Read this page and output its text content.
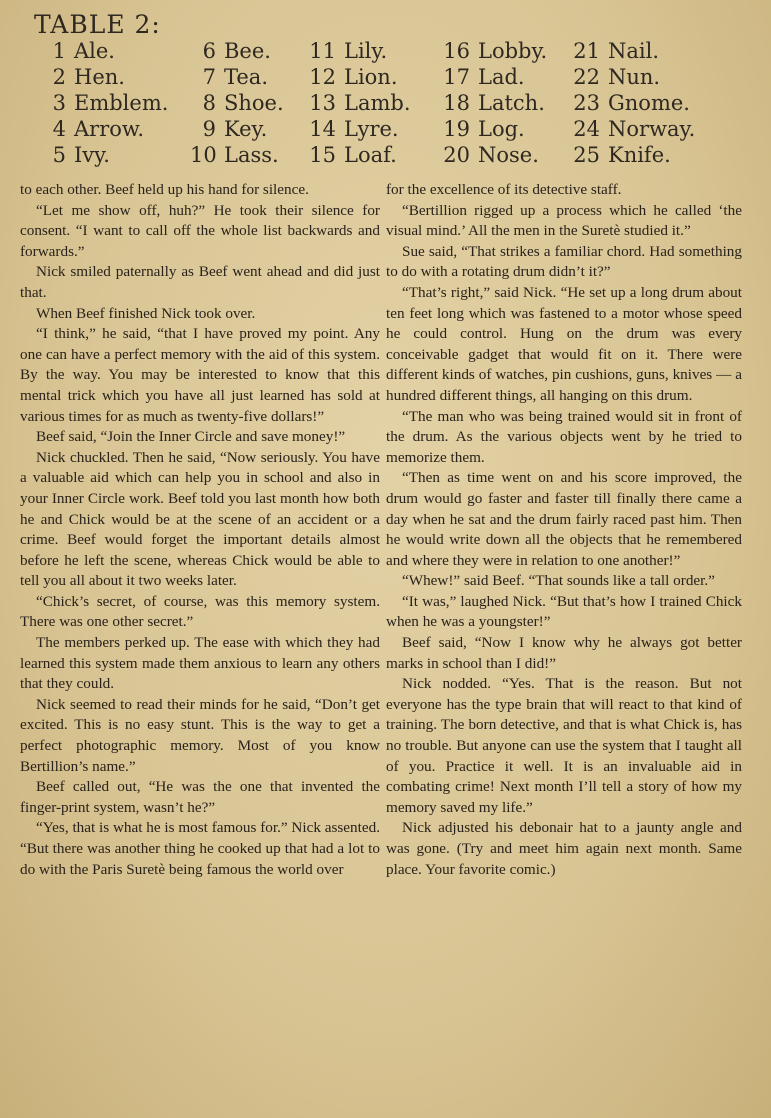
TABLE 2:
1 Ale.
2 Hen.
3 Emblem.
4 Arrow.
5 Ivy.
6 Bee.
7 Tea.
8 Shoe.
9 Key.
10 Lass.
11 Lily.
12 Lion.
13 Lamb.
14 Lyre.
15 Loaf.
16 Lobby.
17 Lad.
18 Latch.
19 Log.
20 Nose.
21 Nail.
22 Nun.
23 Gnome.
24 Norway.
25 Knife.

to each other. Beef held up his hand for silence.

“Let me show off, huh?” He took their silence for consent. “I want to call off the whole list backwards and forwards.”

Nick smiled paternally as Beef went ahead and did just that.

When Beef finished Nick took over.

“I think,” he said, “that I have proved my point. Any one can have a perfect memory with the aid of this system. By the way. You may be interested to know that this mental trick which you have all just learned has sold at various times for as much as twenty-five dollars!”

Beef said, “Join the Inner Circle and save money!”

Nick chuckled. Then he said, “Now seriously. You have a valuable aid which can help you in school and also in your Inner Circle work. Beef told you last month how both he and Chick would be at the scene of an accident or a crime. Beef would forget the important details almost before he left the scene, whereas Chick would be able to tell you all about it two weeks later.

“Chick’s secret, of course, was this memory system. There was one other secret.”

The members perked up. The ease with which they had learned this system made them anxious to learn any others that they could.

Nick seemed to read their minds for he said, “Don’t get excited. This is no easy stunt. This is the way to get a perfect photographic memory. Most of you know Bertillion’s name.”

Beef called out, “He was the one that invented the finger-print system, wasn’t he?”

“Yes, that is what he is most famous for.” Nick assented. “But there was another thing he cooked up that had a lot to do with the Paris Suretè being famous the world over

for the excellence of its detective staff.

“Bertillion rigged up a process which he called ‘the visual mind.’ All the men in the Suretè studied it.”

Sue said, “That strikes a familiar chord. Had something to do with a rotating drum didn’t it?”

“That’s right,” said Nick. “He set up a long drum about ten feet long which was fastened to a motor whose speed he could control. Hung on the drum was every conceivable gadget that would fit on it. There were different kinds of watches, pin cushions, guns, knives — a hundred different things, all hanging on this drum.

“The man who was being trained would sit in front of the drum. As the various objects went by he tried to memorize them.

“Then as time went on and his score improved, the drum would go faster and faster till finally there came a day when he sat and the drum fairly raced past him. Then he would write down all the objects that he remembered and where they were in relation to one another!”

“Whew!” said Beef. “That sounds like a tall order.”

“It was,” laughed Nick. “But that’s how I trained Chick when he was a youngster!”

Beef said, “Now I know why he always got better marks in school than I did!”

Nick nodded. “Yes. That is the reason. But not everyone has the type brain that will react to that kind of training. The born detective, and that is what Chick is, has no trouble. But anyone can use the system that I taught all of you. Practice it well. It is an invaluable aid in combating crime! Next month I’ll tell a story of how my memory saved my life.”

Nick adjusted his debonair hat to a jaunty angle and was gone. (Try and meet him again next month. Same place. Your favorite comic.)
